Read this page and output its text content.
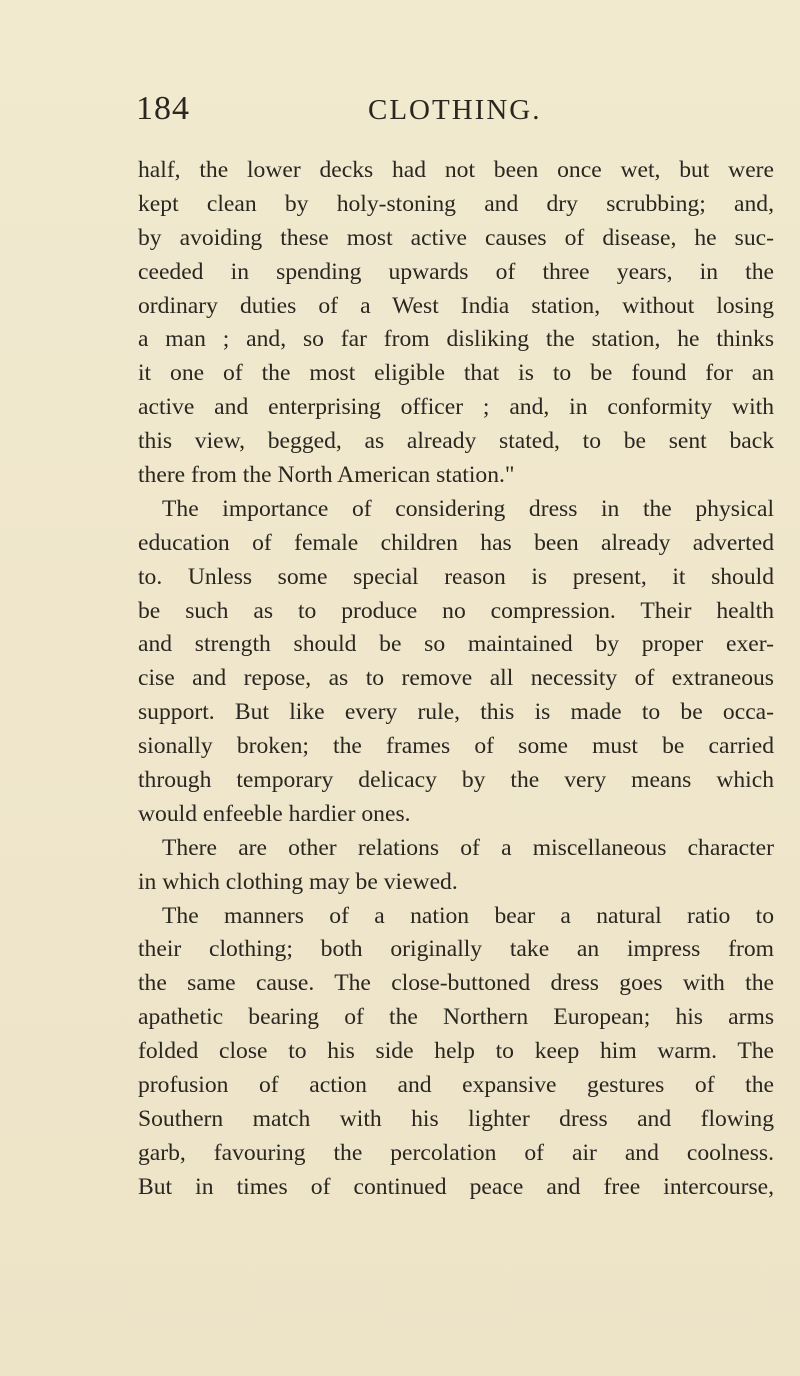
184	CLOTHING.
half, the lower decks had not been once wet, but were
kept clean by holy-stoning and dry scrubbing; and,
by avoiding these most active causes of disease, he suc-
ceeded in spending upwards of three years, in the
ordinary duties of a West India station, without losing
a man ; and, so far from disliking the station, he thinks
it one of the most eligible that is to be found for an
active and enterprising officer ; and, in conformity with
this view, begged, as already stated, to be sent back
there from the North American station."
The importance of considering dress in the physical
education of female children has been already adverted
to. Unless some special reason is present, it should
be such as to produce no compression. Their health
and strength should be so maintained by proper exer-
cise and repose, as to remove all necessity of extraneous
support. But like every rule, this is made to be occa-
sionally broken; the frames of some must be carried
through temporary delicacy by the very means which
would enfeeble hardier ones.
There are other relations of a miscellaneous character
in which clothing may be viewed.
The manners of a nation bear a natural ratio to
their clothing; both originally take an impress from
the same cause. The close-buttoned dress goes with the
apathetic bearing of the Northern European; his arms
folded close to his side help to keep him warm. The
profusion of action and expansive gestures of the
Southern match with his lighter dress and flowing
garb, favouring the percolation of air and coolness.
But in times of continued peace and free intercourse,
